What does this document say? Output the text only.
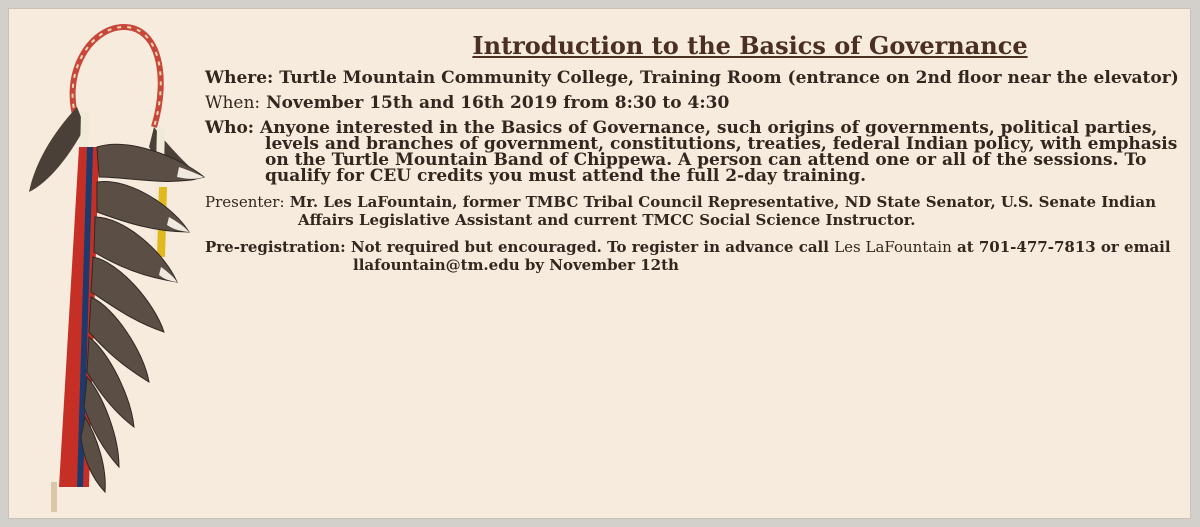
Introduction to the Basics of Governance
Where: Turtle Mountain Community College, Training Room (entrance on 2nd floor near the elevator)
When: November 15th and 16th 2019 from 8:30 to 4:30
Who: Anyone interested in the Basics of Governance, such origins of governments, political parties, levels and branches of government, constitutions, treaties, federal Indian policy, with emphasis on the Turtle Mountain Band of Chippewa. A person can attend one or all of the sessions. To qualify for CEU credits you must attend the full 2-day training.
Presenter: Mr. Les LaFountain, former TMBC Tribal Council Representative, ND State Senator, U.S. Senate Indian Affairs Legislative Assistant and current TMCC Social Science Instructor.
Pre-registration: Not required but encouraged. To register in advance call Les LaFountain at 701-477-7813 or email llafountain@tm.edu by November 12th
